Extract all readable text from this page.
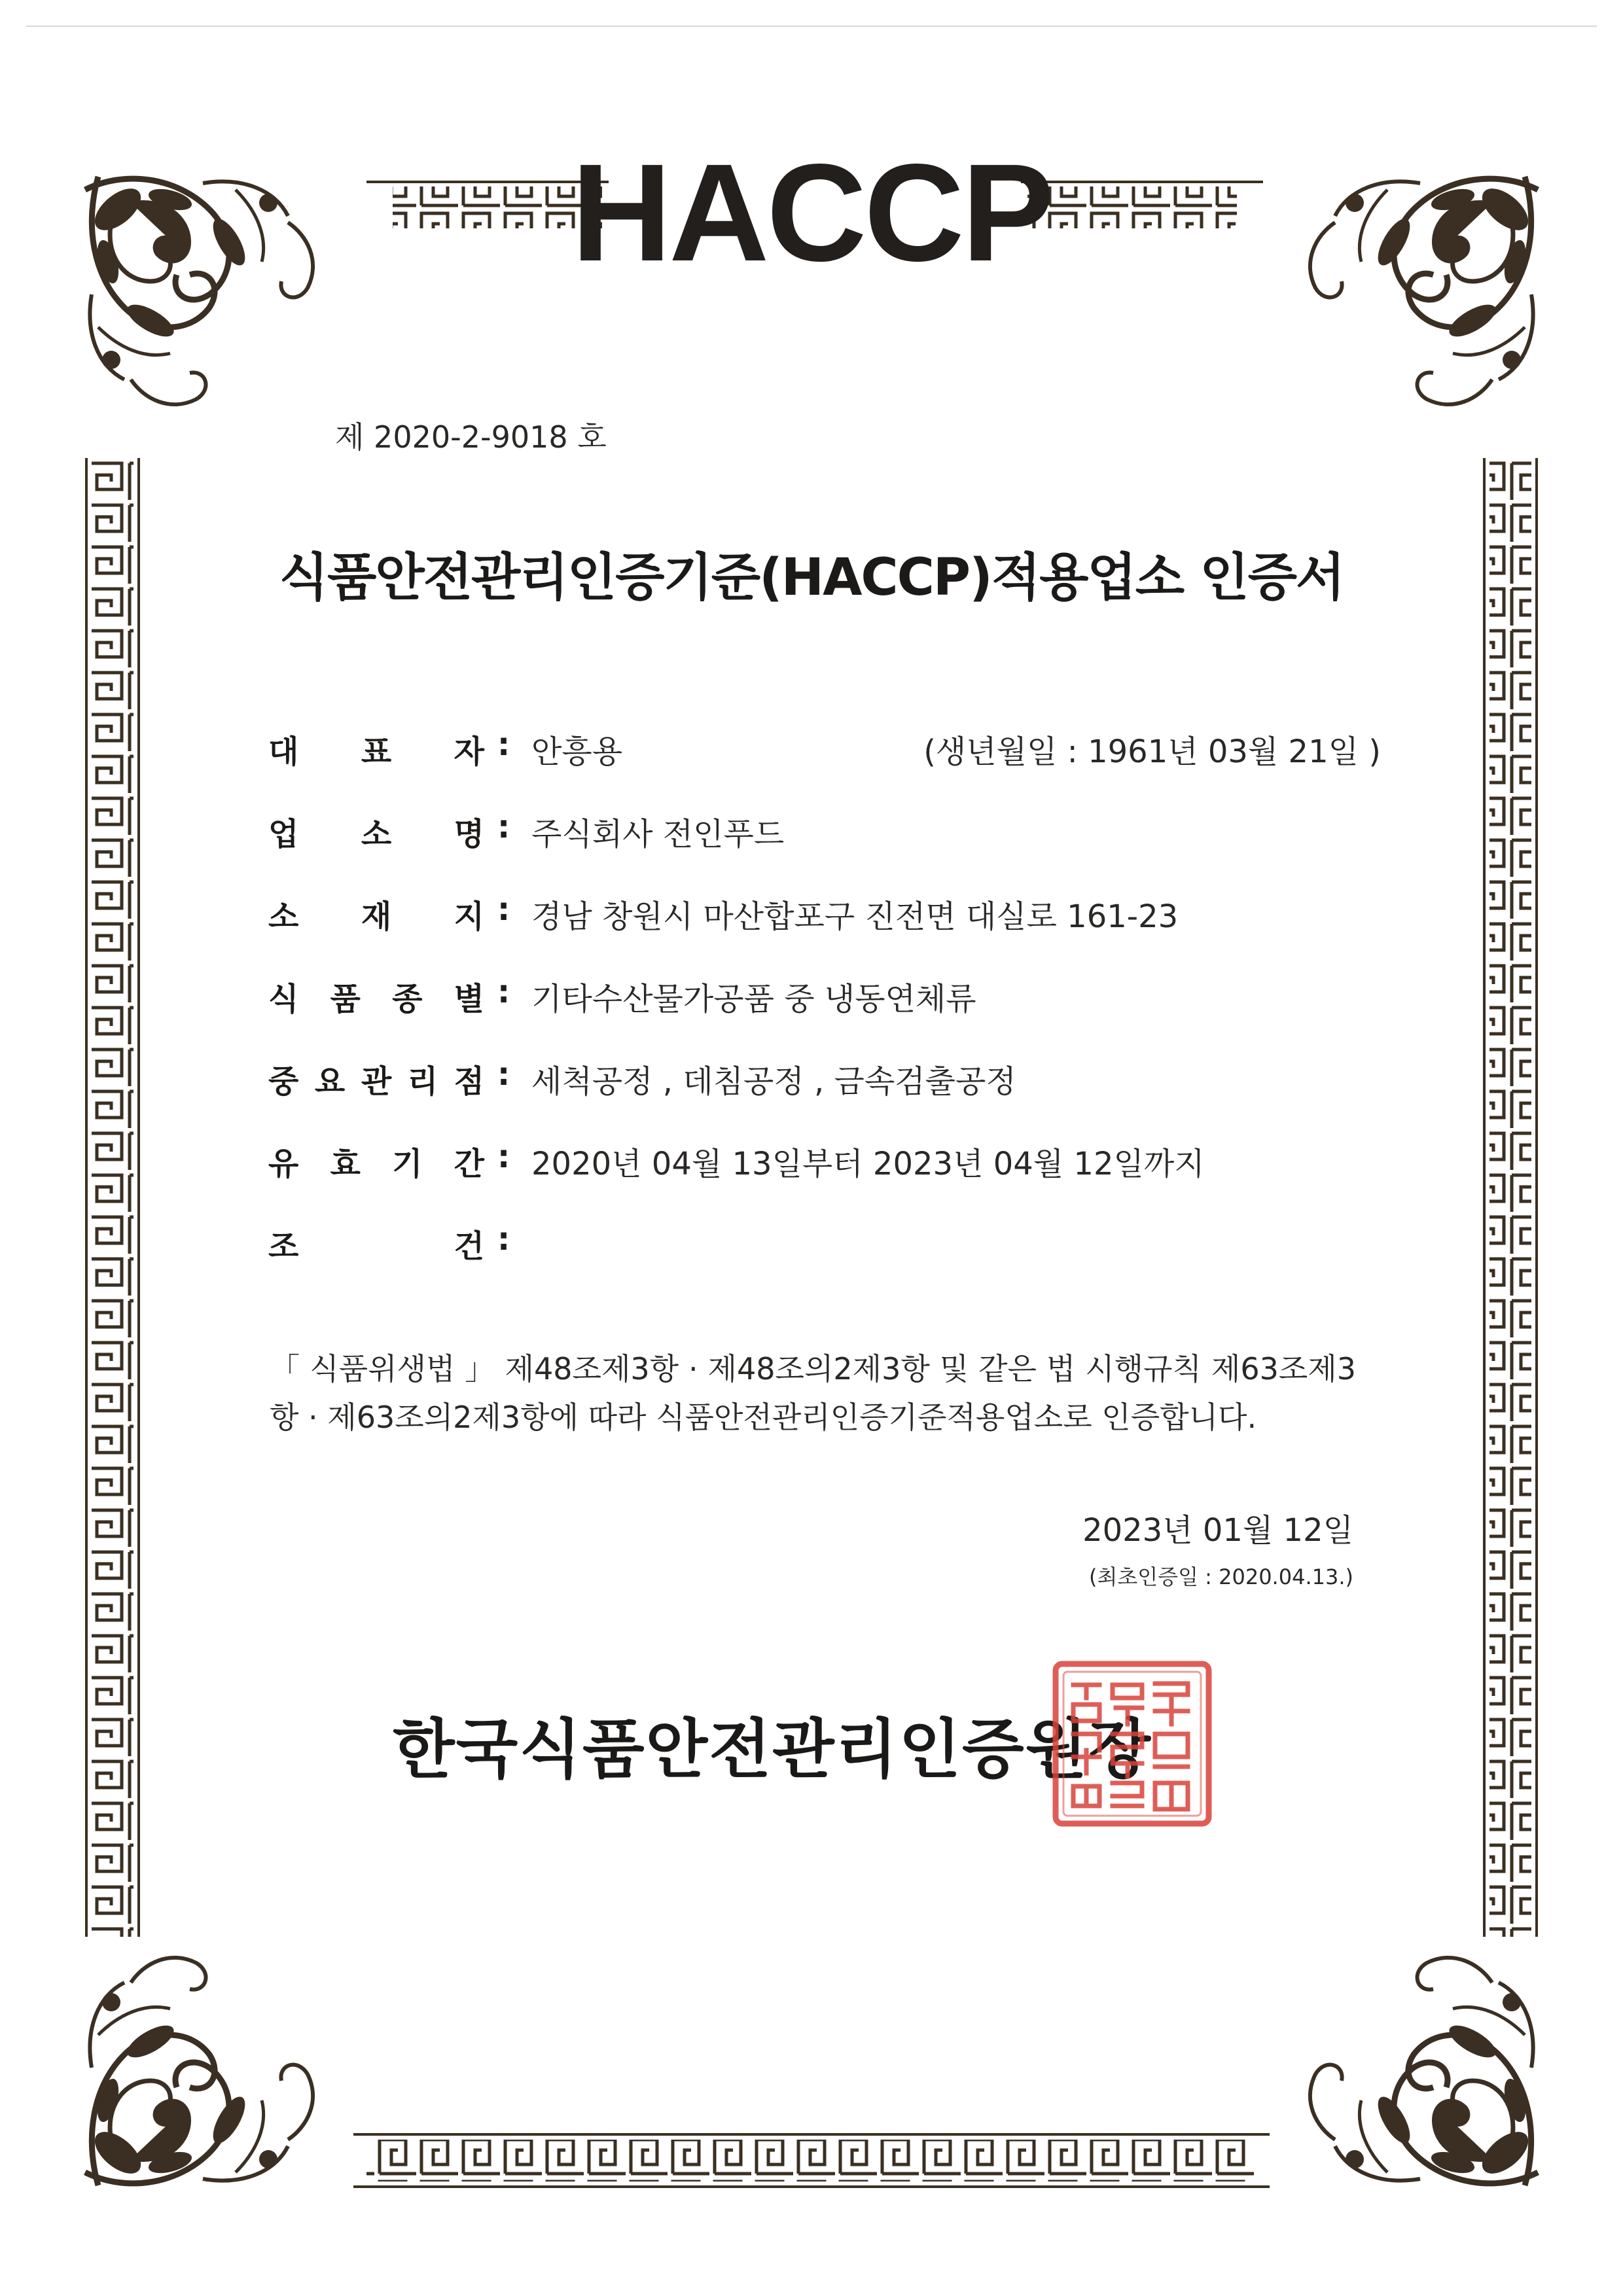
HACCP
제 2020-2-9018 호
식품안전관리인증기준(HACCP)적용업소 인증서
대 표 자 : 안흥용	(생년월일 : 1961년 03월 21일 )
업 소 명 : 주식회사 전인푸드
소 재 지 : 경남 창원시 마산합포구 진전면 대실로 161-23
식 품 종 별 : 기타수산물가공품 중 냉동연체류
중 요 관 리 점 : 세척공정 , 데침공정 , 금속검출공정
유 효 기 간 : 2020년 04월 13일부터 2023년 04월 12일까지
조	건 :
「 식품위생법 」 제48조제3항 · 제48조의2제3항 및 같은 법 시행규칙 제63조제3항 · 제63조의2제3항에 따라 식품안전관리인증기준적용업소로 인증합니다.
2023년 01월 12일
(최초인증일 : 2020.04.13.)
한국식품안전관리인증원장
